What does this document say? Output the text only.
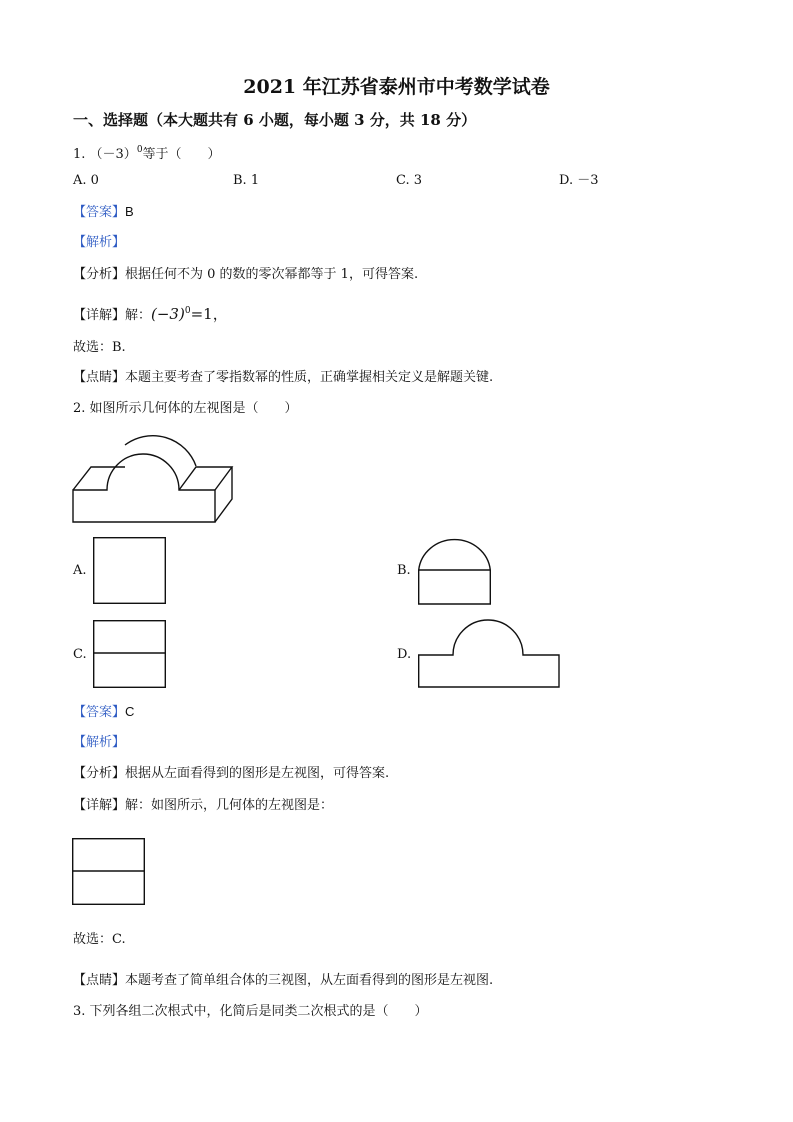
2021 年江苏省泰州市中考数学试卷
一、选择题（本大题共有 6 小题，每小题 3 分，共 18 分）
1. $(-3)^0$等于（　　）
A. 0	B. 1	C. 3	D. －3
【答案】B
【解析】
【分析】根据任何不为 0 的数的零次幂都等于 1，可得答案.
【详解】解：$(-3)^0=1$，
故选：B.
【点睛】本题主要考查了零指数幂的性质，正确掌握相关定义是解题关键.
2. 如图所示几何体的左视图是（　　）
A.	B.
C.	D.
【答案】C
【解析】
【分析】根据从左面看得到的图形是左视图，可得答案.
【详解】解：如图所示，几何体的左视图是：
故选：C.
【点睛】本题考查了简单组合体的三视图，从左面看得到的图形是左视图.
3. 下列各组二次根式中，化简后是同类二次根式的是（　　）
